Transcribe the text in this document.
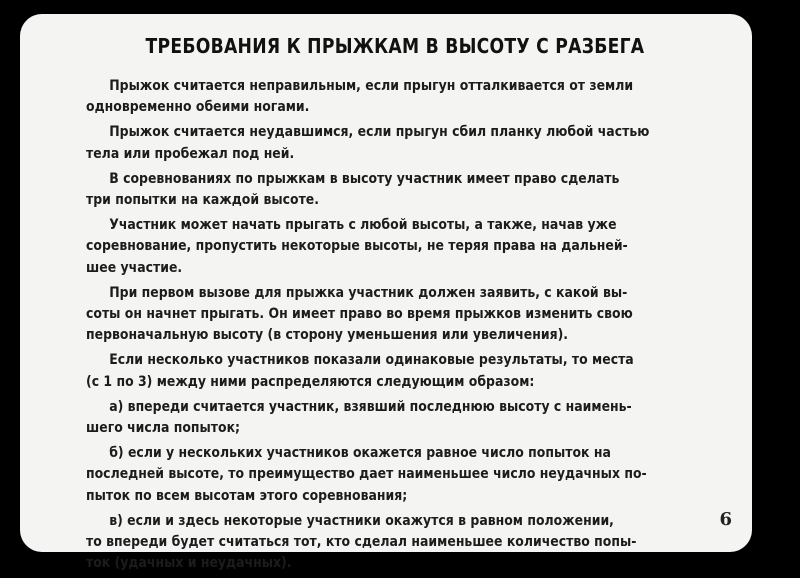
ТРЕБОВАНИЯ К ПРЫЖКАМ В ВЫСОТУ С РАЗБЕГА
Прыжок считается неправильным, если прыгун отталкивается от земли
одновременно обеими ногами.
Прыжок считается неудавшимся, если прыгун сбил планку любой частью
тела или пробежал под ней.
В соревнованиях по прыжкам в высоту участник имеет право сделать
три попытки на каждой высоте.
Участник может начать прыгать с любой высоты, а также, начав уже
соревнование, пропустить некоторые высоты, не теряя права на дальней-
шее участие.
При первом вызове для прыжка участник должен заявить, с какой вы-
соты он начнет прыгать. Он имеет право во время прыжков изменить свою
первоначальную высоту (в сторону уменьшения или увеличения).
Если несколько участников показали одинаковые результаты, то места
(с 1 по 3) между ними распределяются следующим образом:
а) впереди считается участник, взявший последнюю высоту с наимень-
шего числа попыток;
б) если у нескольких участников окажется равное число попыток на
последней высоте, то преимущество дает наименьшее число неудачных по-
пыток по всем высотам этого соревнования;
в) если и здесь некоторые участники окажутся в равном положении,
то впереди будет считаться тот, кто сделал наименьшее количество попы-
ток (удачных и неудачных).
6
